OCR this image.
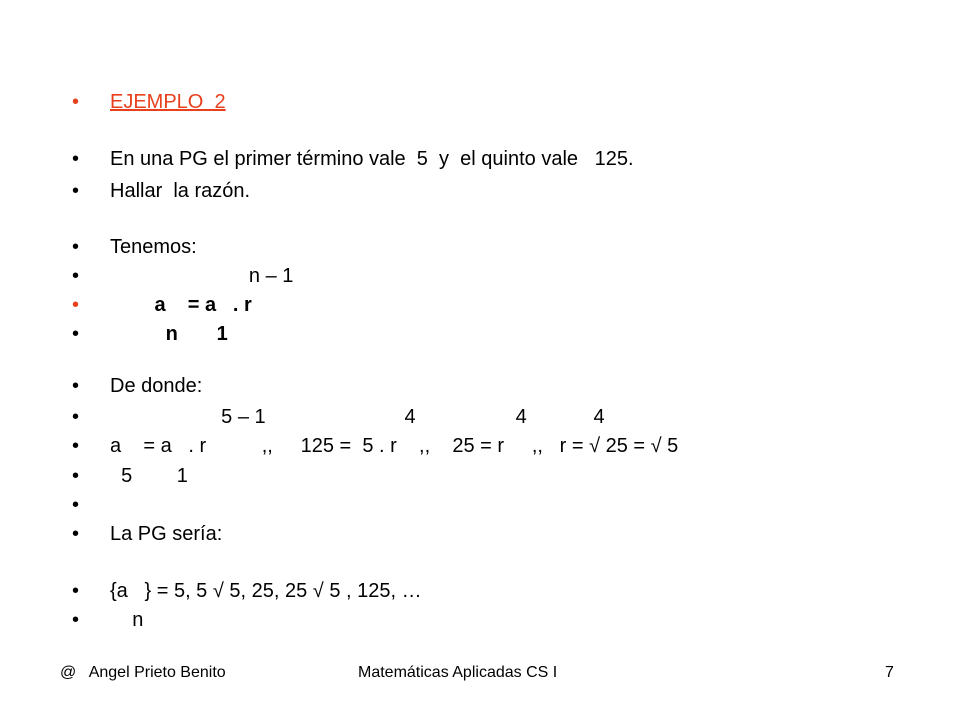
•

	EJEMPLO  2

•

	En una PG el primer término vale  5  y  el quinto vale   125.

•

	Hallar  la razón.

•

	Tenemos:

•

	n – 1

•

	a    = a   . r

•

	n       1

•

	De donde:

•

	5 – 1                         4                  4            4

•

	a    = a   . r          ,,     125 =  5 . r    ,,    25 = r     ,,   r = √ 25 = √ 5

•

	5        1

•

•

	La PG sería:

•

	{a   } = 5, 5 √ 5, 25, 25 √ 5 , 125, …

•

	n

@   Angel Prieto Benito	Matemáticas Aplicadas CS I	7
